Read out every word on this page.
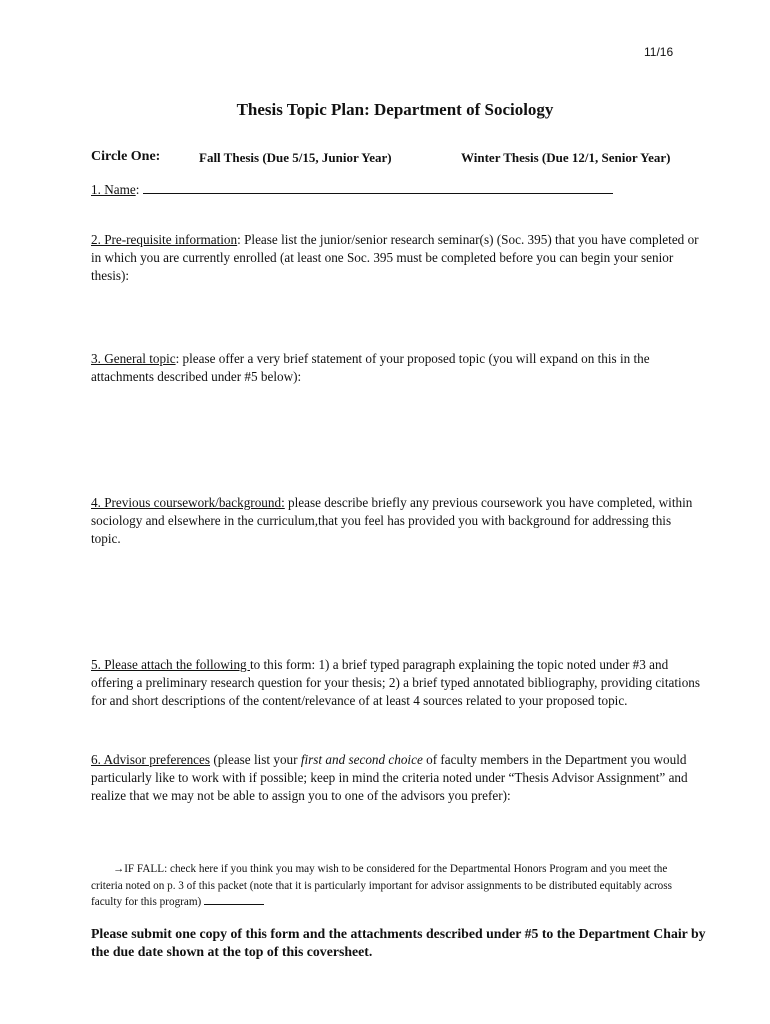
11/16
Thesis Topic Plan: Department of Sociology
Circle One:	Fall Thesis (Due 5/15, Junior Year)	Winter Thesis (Due 12/1, Senior Year)
1. Name:
2. Pre-requisite information: Please list the junior/senior research seminar(s) (Soc. 395) that you have completed or in which you are currently enrolled (at least one Soc. 395 must be completed before you can begin your senior thesis):
3. General topic: please offer a very brief statement of your proposed topic (you will expand on this in the attachments described under #5 below):
4. Previous coursework/background: please describe briefly any previous coursework you have completed, within sociology and elsewhere in the curriculum,that you feel has provided you with background for addressing this topic.
5. Please attach the following to this form: 1) a brief typed paragraph explaining the topic noted under #3 and offering a preliminary research question for your thesis; 2) a brief typed annotated bibliography, providing citations for and short descriptions of the content/relevance of at least 4 sources related to your proposed topic.
6. Advisor preferences (please list your first and second choice of faculty members in the Department you would particularly like to work with if possible; keep in mind the criteria noted under “Thesis Advisor Assignment” and realize that we may not be able to assign you to one of the advisors you prefer):
→IF FALL: check here if you think you may wish to be considered for the Departmental Honors Program and you meet the criteria noted on p. 3 of this packet (note that it is particularly important for advisor assignments to be distributed equitably across faculty for this program)
Please submit one copy of this form and the attachments described under #5 to the Department Chair by the due date shown at the top of this coversheet.
